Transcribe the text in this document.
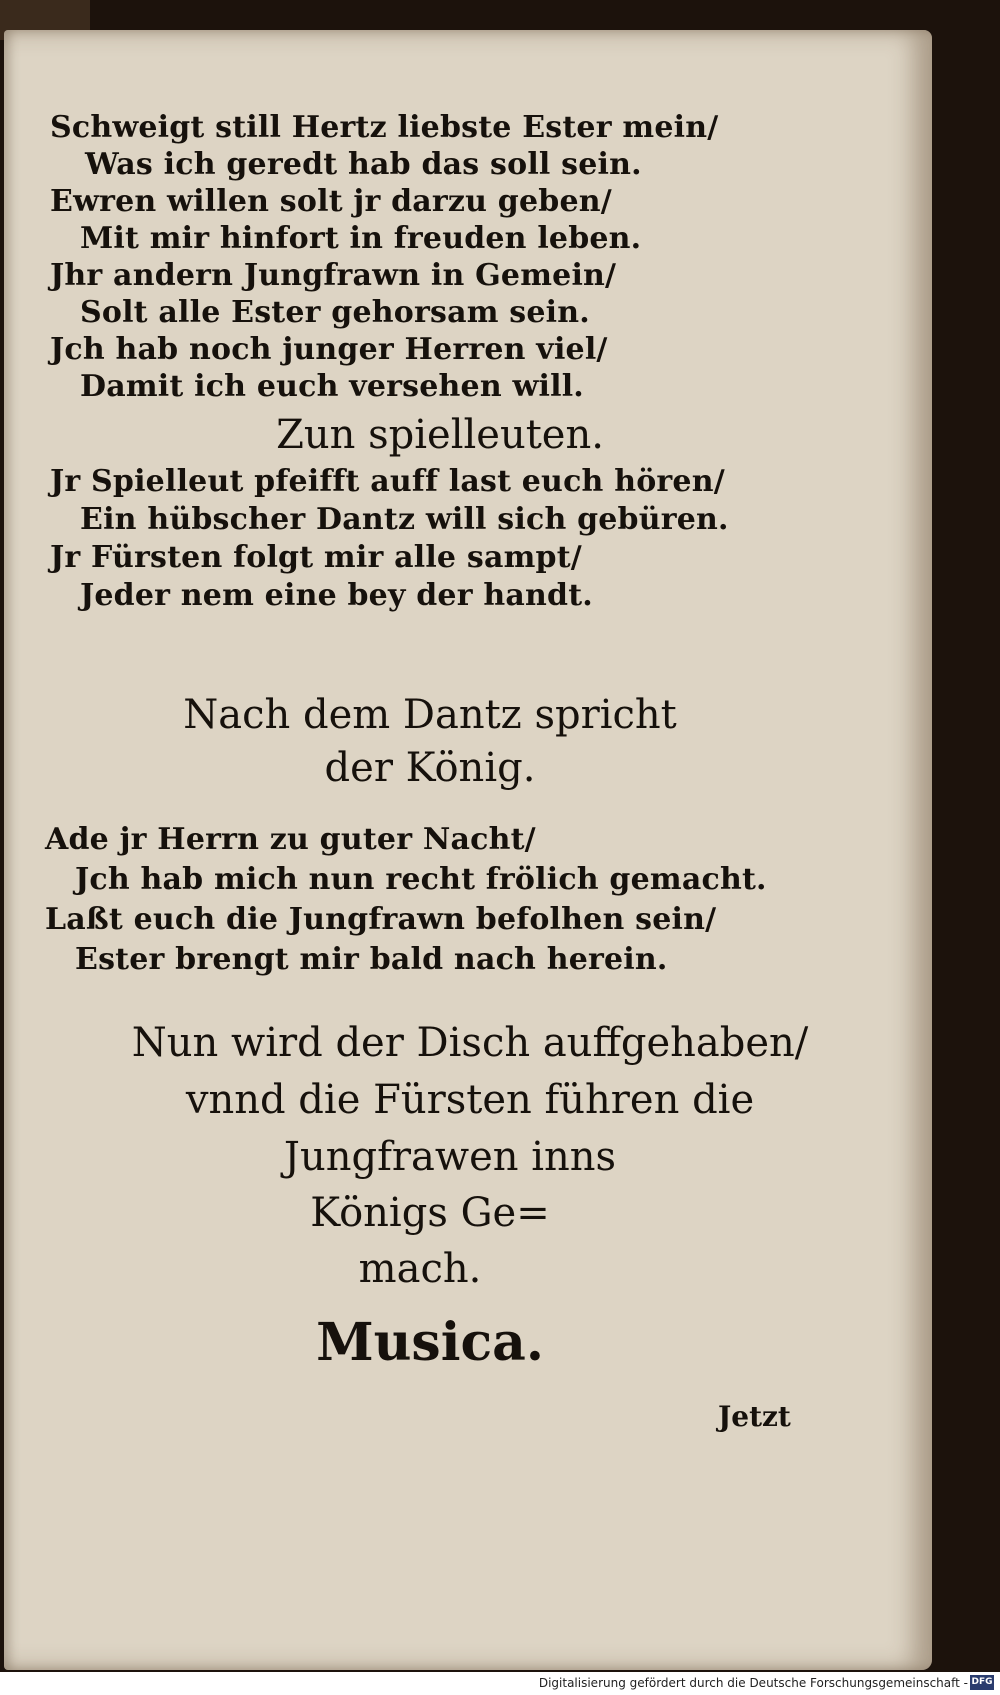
Schweigt still Hertz liebste Ester mein/

Was ich geredt hab das soll sein.

Ewren willen solt jr darzu geben/

Mit mir hinfort in freuden leben.

Jhr andern Jungfrawn in Gemein/

Solt alle Ester gehorsam sein.

Jch hab noch junger Herren viel/

Damit ich euch versehen will.

Zun spielleuten.

Jr Spielleut pfeifft auff last euch hören/

Ein hübscher Dantz will sich gebüren.

Jr Fürsten folgt mir alle sampt/

Jeder nem eine bey der handt.

Nach dem Dantz spricht

der König.

Ade jr Herrn zu guter Nacht/

Jch hab mich nun recht frölich gemacht.

Laßt euch die Jungfrawn befolhen sein/

Ester brengt mir bald nach herein.

Nun wird der Disch auffgehaben/

vnnd die Fürsten führen die

Jungfrawen inns

Königs Ge=

mach.

Musica.

Jetzt

Digitalisierung gefördert durch die Deutsche Forschungsgemeinschaft - DFG
